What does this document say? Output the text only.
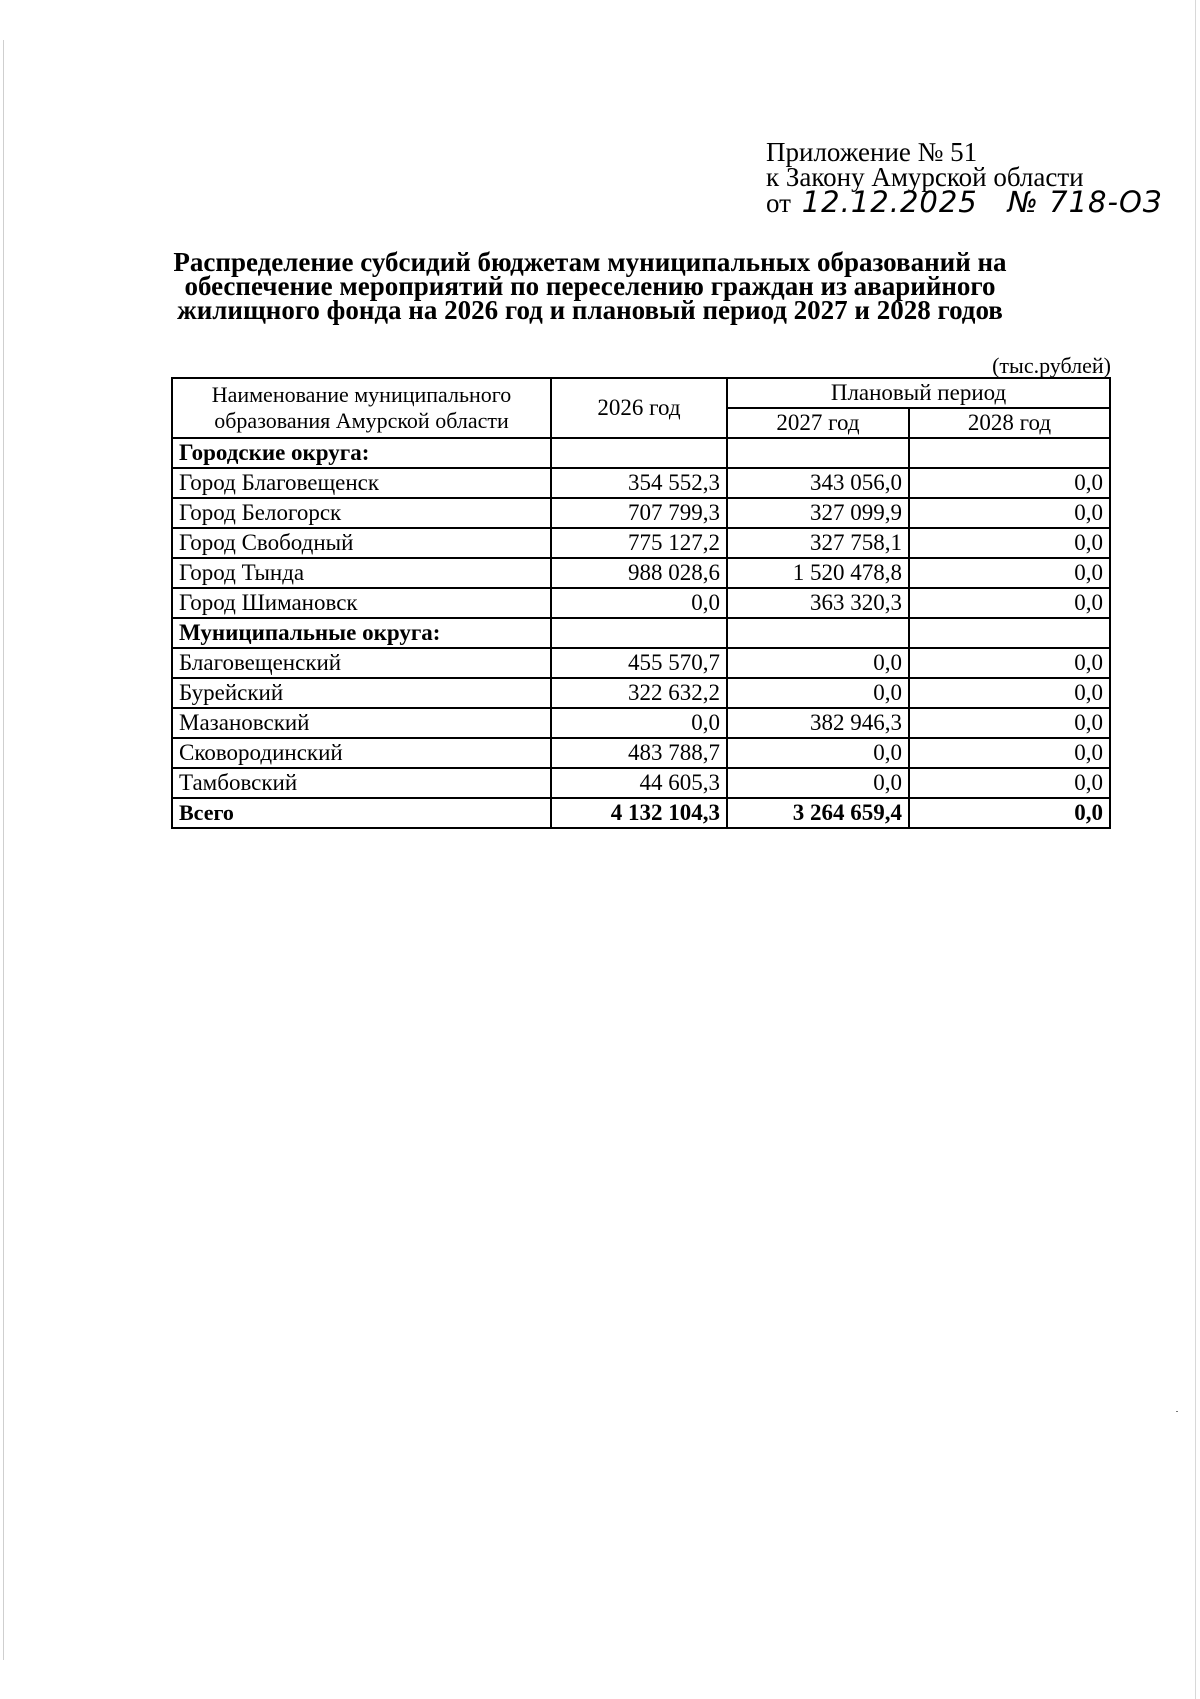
Приложение № 51
к Закону Амурской области
от 12.12.2025 № 718-ОЗ
Распределение субсидий бюджетам муниципальных образований на
обеспечение мероприятий по переселению граждан из аварийного
жилищного фонда на 2026 год и плановый период 2027 и 2028 годов
(тыс.рублей)
Наименование муниципального
образования Амурской области	2026 год	Плановый период	
		2027 год	2028 год
Городские округа:			
Город Благовещенск	354 552,3	343 056,0	0,0
Город Белогорск	707 799,3	327 099,9	0,0
Город Свободный	775 127,2	327 758,1	0,0
Город Тында	988 028,6	1 520 478,8	0,0
Город Шимановск	0,0	363 320,3	0,0
Муниципальные округа:			
Благовещенский	455 570,7	0,0	0,0
Бурейский	322 632,2	0,0	0,0
Мазановский	0,0	382 946,3	0,0
Сковородинский	483 788,7	0,0	0,0
Тамбовский	44 605,3	0,0	0,0
Всего	4 132 104,3	3 264 659,4	0,0
